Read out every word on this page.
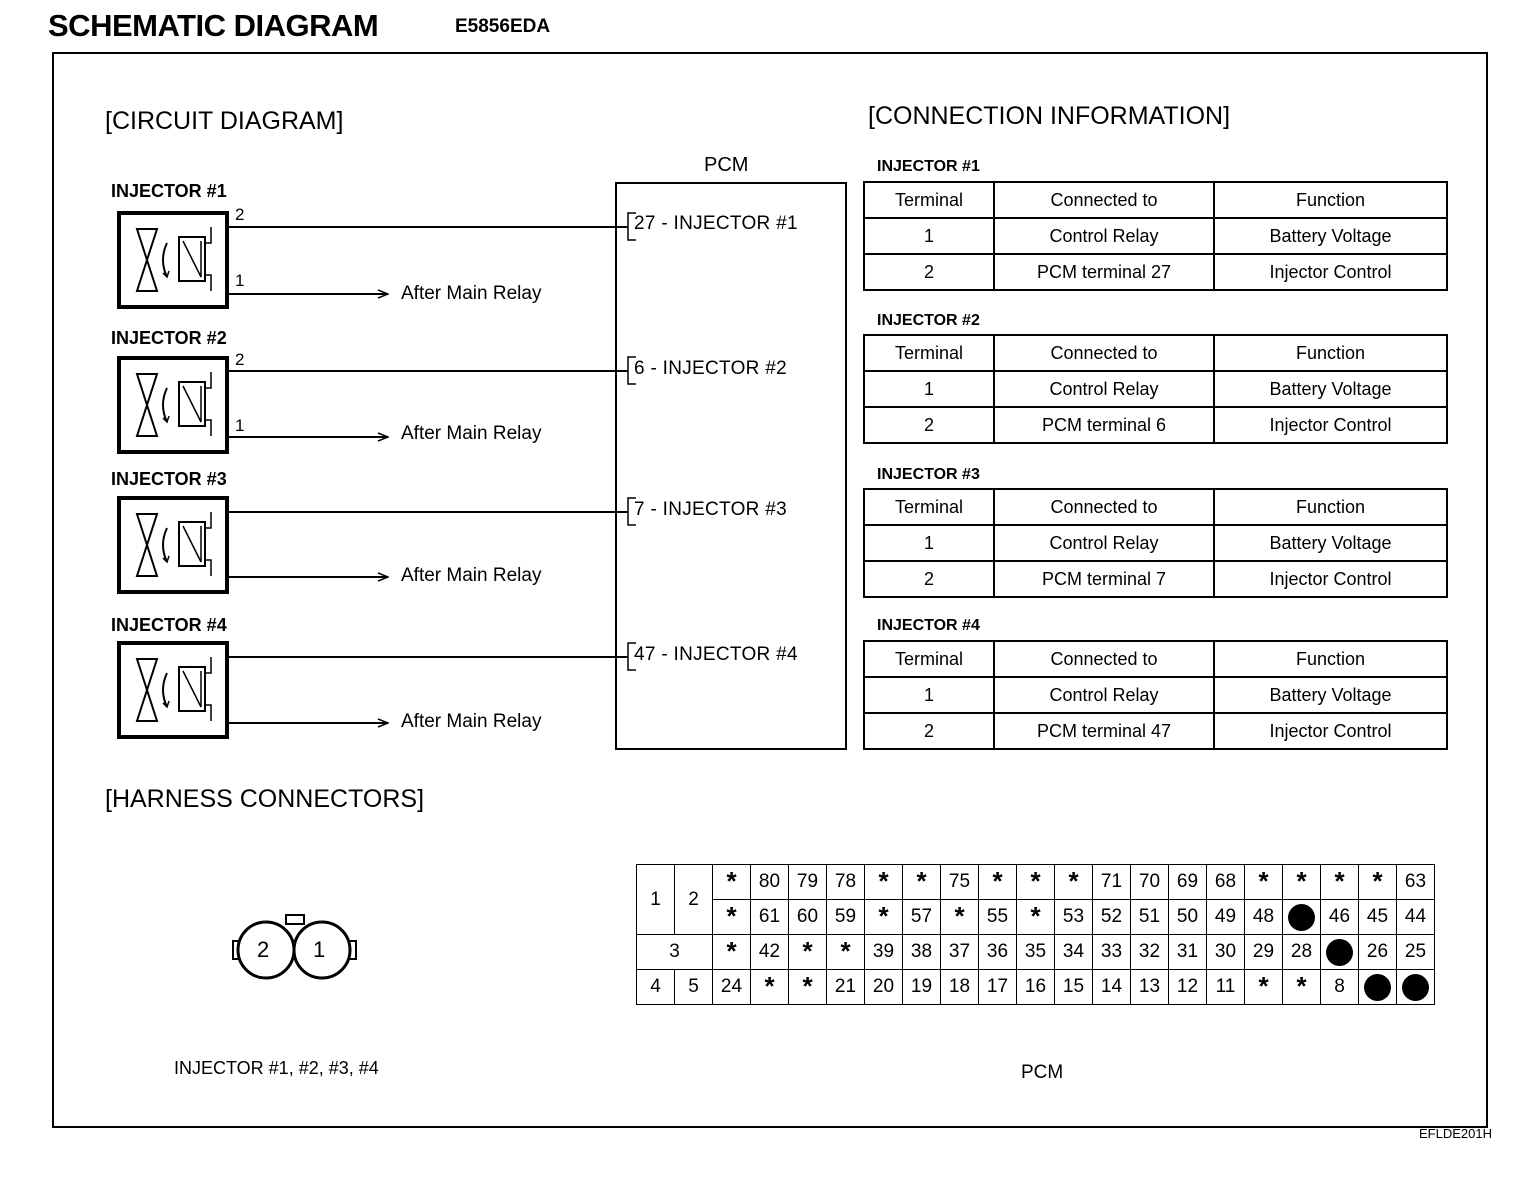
SCHEMATIC DIAGRAM	E5856EDA
[CIRCUIT DIAGRAM]
PCM
INJECTOR #1
INJECTOR #2
INJECTOR #3
INJECTOR #4
2
1
2
1
After Main Relay
After Main Relay
After Main Relay
After Main Relay
27 - INJECTOR #1
6 - INJECTOR #2
7 - INJECTOR #3
47 - INJECTOR #4
[CONNECTION INFORMATION]
INJECTOR #1
Terminal	Connected to	Function
1	Control Relay	Battery Voltage
2	PCM terminal 27	Injector Control
INJECTOR #2
Terminal	Connected to	Function
1	Control Relay	Battery Voltage
2	PCM terminal 6	Injector Control
INJECTOR #3
Terminal	Connected to	Function
1	Control Relay	Battery Voltage
2	PCM terminal 7	Injector Control
INJECTOR #4
Terminal	Connected to	Function
1	Control Relay	Battery Voltage
2	PCM terminal 47	Injector Control
[HARNESS CONNECTORS]
2 1
INJECTOR #1, #2, #3, #4
1	2	*	80	79	78	*	*	75	*	*	*	71	70	69	68	*	*	*	*	63
		*	61	60	59	*	57	*	55	*	53	52	51	50	49	48		46	45	44
3		*	42	*	*	39	38	37	36	35	34	33	32	31	30	29	28		26	25
4	5	24	*	*	21	20	19	18	17	16	15	14	13	12	11	*	*	8		
PCM
EFLDE201H
